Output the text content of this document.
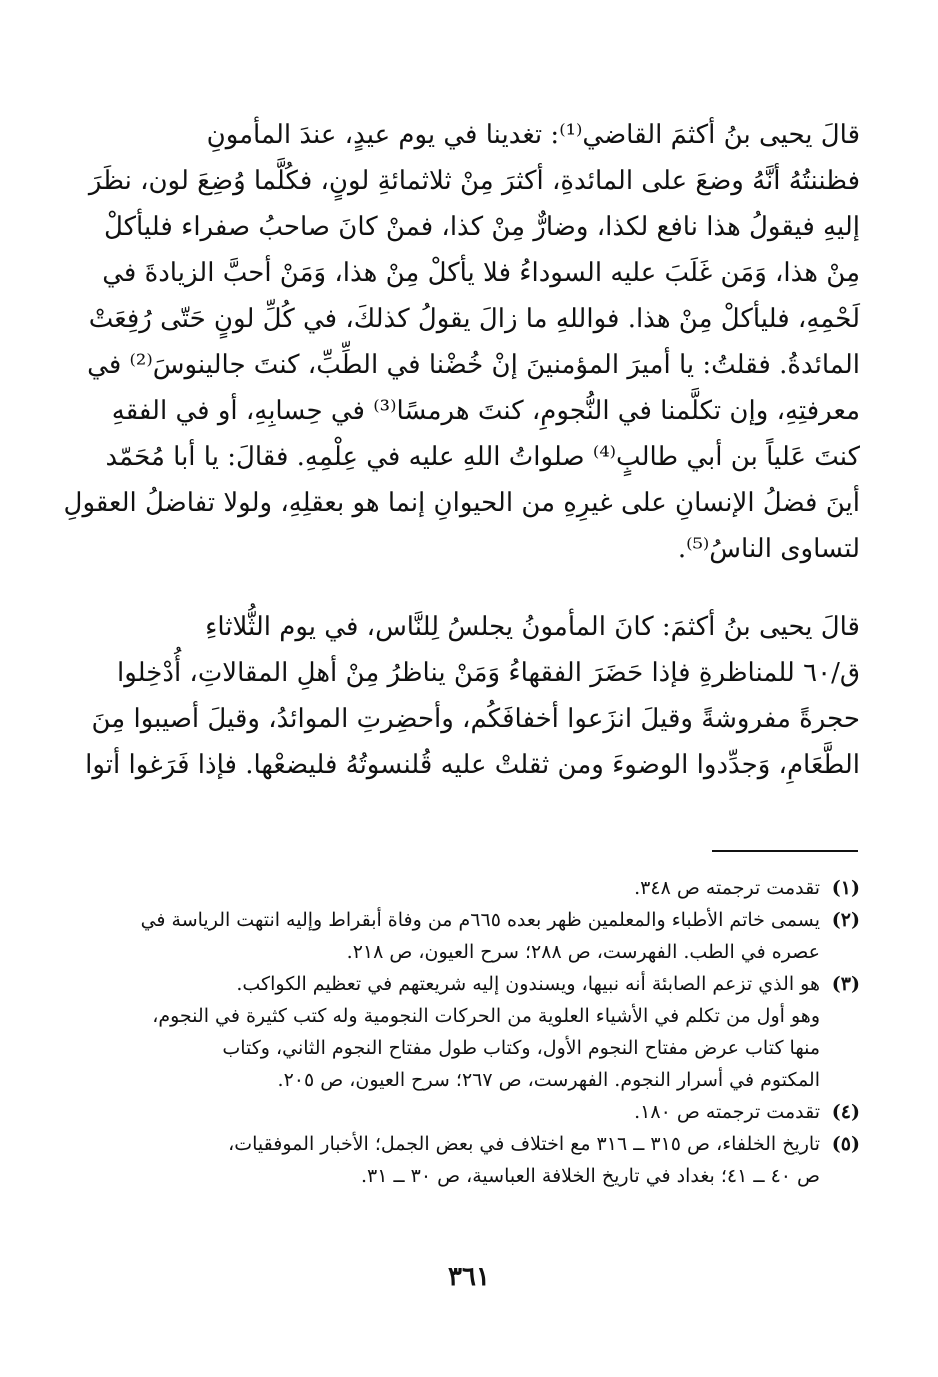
قالَ يحيى بنُ أكثمَ القاضي⁽¹⁾: تغدينا في يوم عيدٍ، عندَ المأمونِ
فظننتُهُ أنَّهُ وضعَ على المائدةِ، أكثرَ مِنْ ثلاثمائةِ لونٍ، فكُلَّما وُضِعَ لون، نظَرَ
إليهِ فيقولُ هذا نافع لكذا، وضارٌّ مِنْ كذا، فمنْ كانَ صاحبُ صفراء فليأكلْ
مِنْ هذا، وَمَن غَلَبَ عليه السوداءُ فلا يأكلْ مِنْ هذا، وَمَنْ أحبَّ الزيادةَ في
لَحْمِهِ، فليأكلْ مِنْ هذا. فواللهِ ما زالَ يقولُ كذلكَ، في كُلِّ لونٍ حَتّى رُفِعَتْ
المائدةُ. فقلتُ: يا أميرَ المؤمنينَ إنْ خُضْنا في الطِّبِّ، كنتَ جالينوسَ⁽²⁾ في
معرفتِهِ، وإن تكلَّمنا في النُّجومِ، كنتَ هرمسًا⁽³⁾ في حِسابِهِ، أو في الفقهِ
كنتَ عَلياً بن أبي طالبٍ⁽⁴⁾ صلواتُ اللهِ عليه في عِلْمِهِ. فقالَ: يا أبا مُحَمّد
أينَ فضلُ الإنسانِ على غيرِهِ من الحيوانِ إنما هو بعقلِهِ، ولولا تفاضلُ العقولِ
لتساوى الناسُ⁽⁵⁾.

قالَ يحيى بنُ أكثمَ: كانَ المأمونُ يجلسُ لِلنَّاس، في يوم الثُّلاثاءِ
ق/٦٠ للمناظرةِ فإذا حَضَرَ الفقهاءُ وَمَنْ يناظرُ مِنْ أهلِ المقالاتِ، أُدْخِلوا
حجرةً مفروشةً وقيلَ انزَعوا أخفافَكُم، وأحضِرتِ الموائدُ، وقيلَ أصيبوا مِنَ
الطَّعَامِ، وَجدِّدوا الوضوءَ ومن ثقلتْ عليه قُلنسوتُهُ فليضعْها. فإذا فَرَغوا أتوا

(١)
تقدمت ترجمته ص ٣٤٨.
(٢)
يسمى خاتم الأطباء والمعلمين ظهر بعده ٦٦٥م من وفاة أبقراط وإليه انتهت الرياسة في
عصره في الطب. الفهرست، ص ٢٨٨؛ سرح العيون، ص ٢١٨.
(٣)
هو الذي تزعم الصابئة أنه نبيها، ويسندون إليه شريعتهم في تعظيم الكواكب.
وهو أول من تكلم في الأشياء العلوية من الحركات النجومية وله كتب كثيرة في النجوم،
منها كتاب عرض مفتاح النجوم الأول، وكتاب طول مفتاح النجوم الثاني، وكتاب
المكتوم في أسرار النجوم. الفهرست، ص ٢٦٧؛ سرح العيون، ص ٢٠٥.
(٤)
تقدمت ترجمته ص ١٨٠.
(٥)
تاريخ الخلفاء، ص ٣١٥ ــ ٣١٦ مع اختلاف في بعض الجمل؛ الأخبار الموفقيات،
ص ٤٠ ــ ٤١؛ بغداد في تاريخ الخلافة العباسية، ص ٣٠ ــ ٣١.
٣٦١
